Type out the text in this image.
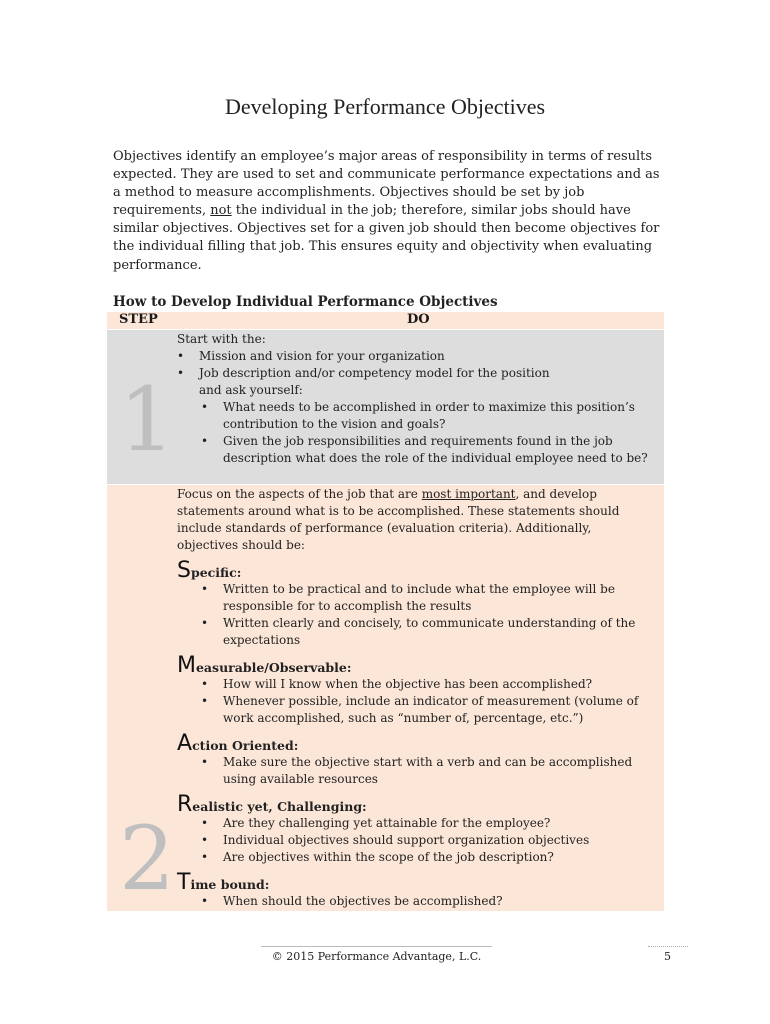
Developing Performance Objectives
Objectives identify an employee’s major areas of responsibility in terms of results expected. They are used to set and communicate performance expectations and as a method to measure accomplishments. Objectives should be set by job requirements, not the individual in the job; therefore, similar jobs should have similar objectives. Objectives set for a given job should then become objectives for the individual filling that job. This ensures equity and objectivity when evaluating performance.
How to Develop Individual Performance Objectives
STEP	DO
1
Start with the:
• Mission and vision for your organization
• Job description and/or competency model for the position
and ask yourself:
• What needs to be accomplished in order to maximize this position’s contribution to the vision and goals?
• Given the job responsibilities and requirements found in the job description what does the role of the individual employee need to be?
2
Focus on the aspects of the job that are most important, and develop statements around what is to be accomplished. These statements should include standards of performance (evaluation criteria). Additionally, objectives should be:
Specific:
• Written to be practical and to include what the employee will be responsible for to accomplish the results
• Written clearly and concisely, to communicate understanding of the expectations
Measurable/Observable:
• How will I know when the objective has been accomplished?
• Whenever possible, include an indicator of measurement (volume of work accomplished, such as “number of, percentage, etc.”)
Action Oriented:
• Make sure the objective start with a verb and can be accomplished using available resources
Realistic yet, Challenging:
• Are they challenging yet attainable for the employee?
• Individual objectives should support organization objectives
• Are objectives within the scope of the job description?
Time bound:
• When should the objectives be accomplished?
© 2015 Performance Advantage, L.C.	5
